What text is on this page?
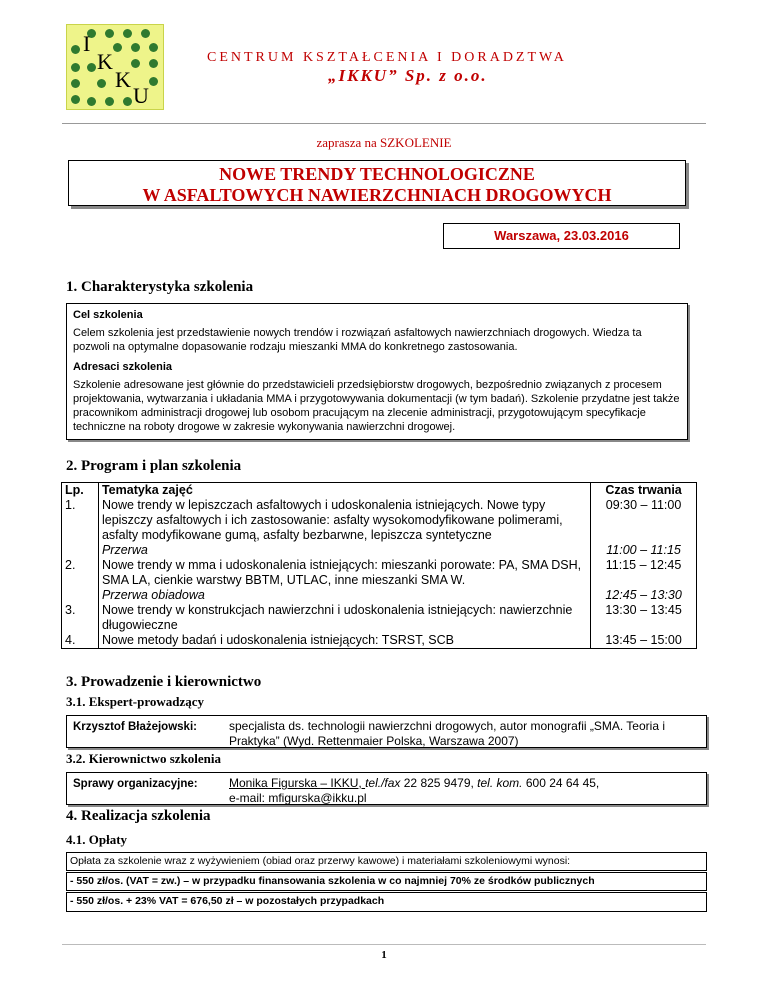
I
K
K
U
CENTRUM KSZTAŁCENIA I DORADZTWA
„IKKU” Sp. z o.o.
zaprasza na SZKOLENIE
NOWE TRENDY TECHNOLOGICZNE
W ASFALTOWYCH NAWIERZCHNIACH DROGOWYCH
Warszawa, 23.03.2016
1. Charakterystyka szkolenia
Cel szkolenia

Celem szkolenia jest przedstawienie nowych trendów i rozwiązań asfaltowych nawierzchniach drogowych. Wiedza ta pozwoli na optymalne dopasowanie rodzaju mieszanki MMA do konkretnego zastosowania.

Adresaci szkolenia

Szkolenie adresowane jest głównie do przedstawicieli przedsiębiorstw drogowych, bezpośrednio związanych z procesem projektowania, wytwarzania i układania MMA i przygotowywania dokumentacji (w tym badań). Szkolenie przydatne jest także pracownikom administracji drogowej lub osobom pracującym na zlecenie administracji, przygotowującym specyfikacje techniczne na roboty drogowe w zakresie wykonywania nawierzchni drogowej.

2. Program i plan szkolenia
Lp.	Tematyka zajęć	Czas trwania
1.	Nowe trendy w lepiszczach asfaltowych i udoskonalenia istniejących. Nowe typy lepiszczy asfaltowych i ich zastosowanie: asfalty wysokomodyfikowane polimerami, asfalty modyfikowane gumą, asfalty bezbarwne, lepiszcza syntetyczne	09:30 – 11:00
	Przerwa	11:00 – 11:15
2.	Nowe trendy w mma i udoskonalenia istniejących: mieszanki porowate: PA, SMA DSH, SMA LA, cienkie warstwy BBTM, UTLAC, inne mieszanki SMA W.	11:15 – 12:45
	Przerwa obiadowa	12:45 – 13:30
3.	Nowe trendy w konstrukcjach nawierzchni i udoskonalenia istniejących: nawierzchnie długowieczne	13:30 – 13:45
4.	Nowe metody badań i udoskonalenia istniejących: TSRST, SCB	13:45 – 15:00
3. Prowadzenie i kierownictwo
3.1. Ekspert-prowadzący
Krzysztof Błażejowski:	specjalista ds. technologii nawierzchni drogowych, autor monografii „SMA. Teoria i Praktyka” (Wyd. Rettenmaier Polska, Warszawa 2007)
3.2. Kierownictwo szkolenia
Sprawy organizacyjne:	Monika Figurska – IKKU, tel./fax 22 825 9479, tel. kom. 600 24 64 45,
e-mail: mfigurska@ikku.pl
4. Realizacja szkolenia
4.1. Opłaty
Opłata za szkolenie wraz z wyżywieniem (obiad oraz przerwy kawowe) i materiałami szkoleniowymi wynosi:
- 550 zł/os. (VAT = zw.) – w przypadku finansowania szkolenia w co najmniej 70% ze środków publicznych
- 550 zł/os. + 23% VAT = 676,50 zł – w pozostałych przypadkach
1
